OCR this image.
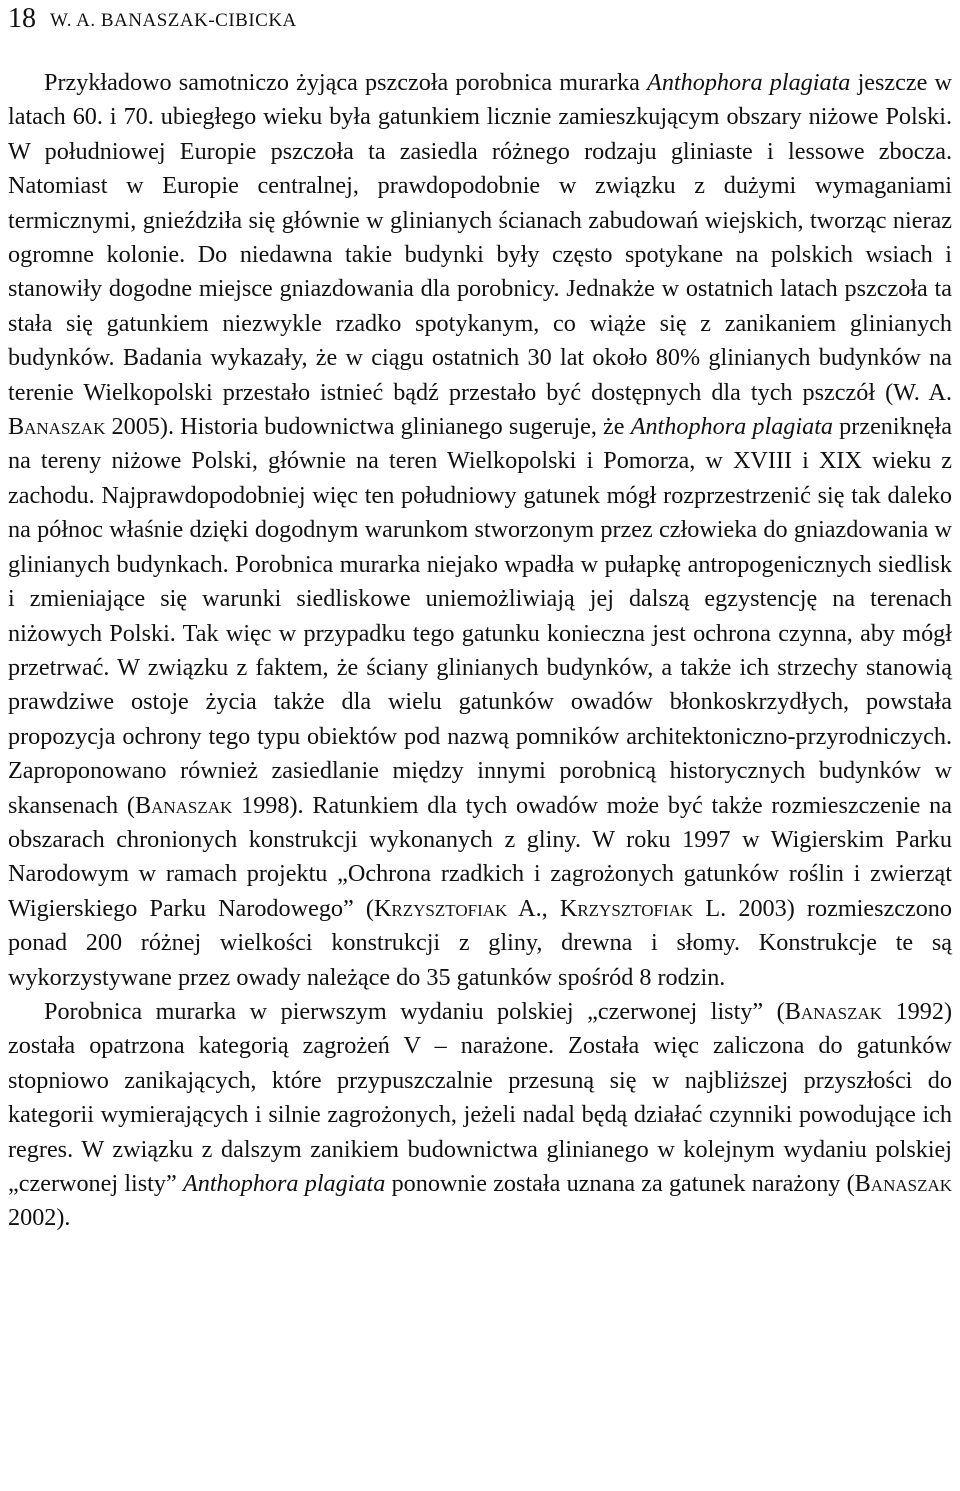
18 W. A. BANASZAK-CIBICKA

Przykładowo samotniczo żyjąca pszczoła porobnica murarka Anthophora plagiata jeszcze w latach 60. i 70. ubiegłego wieku była gatunkiem licznie zamieszkującym obszary niżowe Polski. W południowej Europie pszczoła ta zasiedla różnego rodzaju gliniaste i lessowe zbocza. Natomiast w Europie centralnej, prawdopodobnie w związku z dużymi wymaganiami termicznymi, gnieździła się głównie w glinianych ścianach zabudowań wiejskich, tworząc nieraz ogromne kolonie. Do niedawna takie budynki były często spotykane na polskich wsiach i stanowiły dogodne miejsce gniazdowania dla porobnicy. Jednakże w ostatnich latach pszczoła ta stała się gatunkiem niezwykle rzadko spotykanym, co wiąże się z zanikaniem glinianych budynków. Badania wykazały, że w ciągu ostatnich 30 lat około 80% glinianych budynków na terenie Wielkopolski przestało istnieć bądź przestało być dostępnych dla tych pszczół (W. A. Banaszak 2005). Historia budownictwa glinianego sugeruje, że Anthophora plagiata przeniknęła na tereny niżowe Polski, głównie na teren Wielkopolski i Pomorza, w XVIII i XIX wieku z zachodu. Najprawdopodobniej więc ten południowy gatunek mógł rozprzestrzenić się tak daleko na północ właśnie dzięki dogodnym warunkom stworzonym przez człowieka do gniazdowania w glinianych budynkach. Porobnica murarka niejako wpadła w pułapkę antropogenicznych siedlisk i zmieniające się warunki siedliskowe uniemożliwiają jej dalszą egzystencję na terenach niżowych Polski. Tak więc w przypadku tego gatunku konieczna jest ochrona czynna, aby mógł przetrwać. W związku z faktem, że ściany glinianych budynków, a także ich strzechy stanowią prawdziwe ostoje życia także dla wielu gatunków owadów błonkoskrzydłych, powstała propozycja ochrony tego typu obiektów pod nazwą pomników architektoniczno-przyrodniczych. Zaproponowano również zasiedlanie między innymi porobnicą historycznych budynków w skansenach (Banaszak 1998). Ratunkiem dla tych owadów może być także rozmieszczenie na obszarach chronionych konstrukcji wykonanych z gliny. W roku 1997 w Wigierskim Parku Narodowym w ramach projektu „Ochrona rzadkich i zagrożonych gatunków roślin i zwierząt Wigierskiego Parku Narodowego” (Krzysztofiak A., Krzysztofiak L. 2003) rozmieszczono ponad 200 różnej wielkości konstrukcji z gliny, drewna i słomy. Konstrukcje te są wykorzystywane przez owady należące do 35 gatunków spośród 8 rodzin.

Porobnica murarka w pierwszym wydaniu polskiej „czerwonej listy” (Banaszak 1992) została opatrzona kategorią zagrożeń V – narażone. Została więc zaliczona do gatunków stopniowo zanikających, które przypuszczalnie przesuną się w najbliższej przyszłości do kategorii wymierających i silnie zagrożonych, jeżeli nadal będą działać czynniki powodujące ich regres. W związku z dalszym zanikiem budownictwa glinianego w kolejnym wydaniu polskiej „czerwonej listy” Anthophora plagiata ponownie została uznana za gatunek narażony (Banaszak 2002).
